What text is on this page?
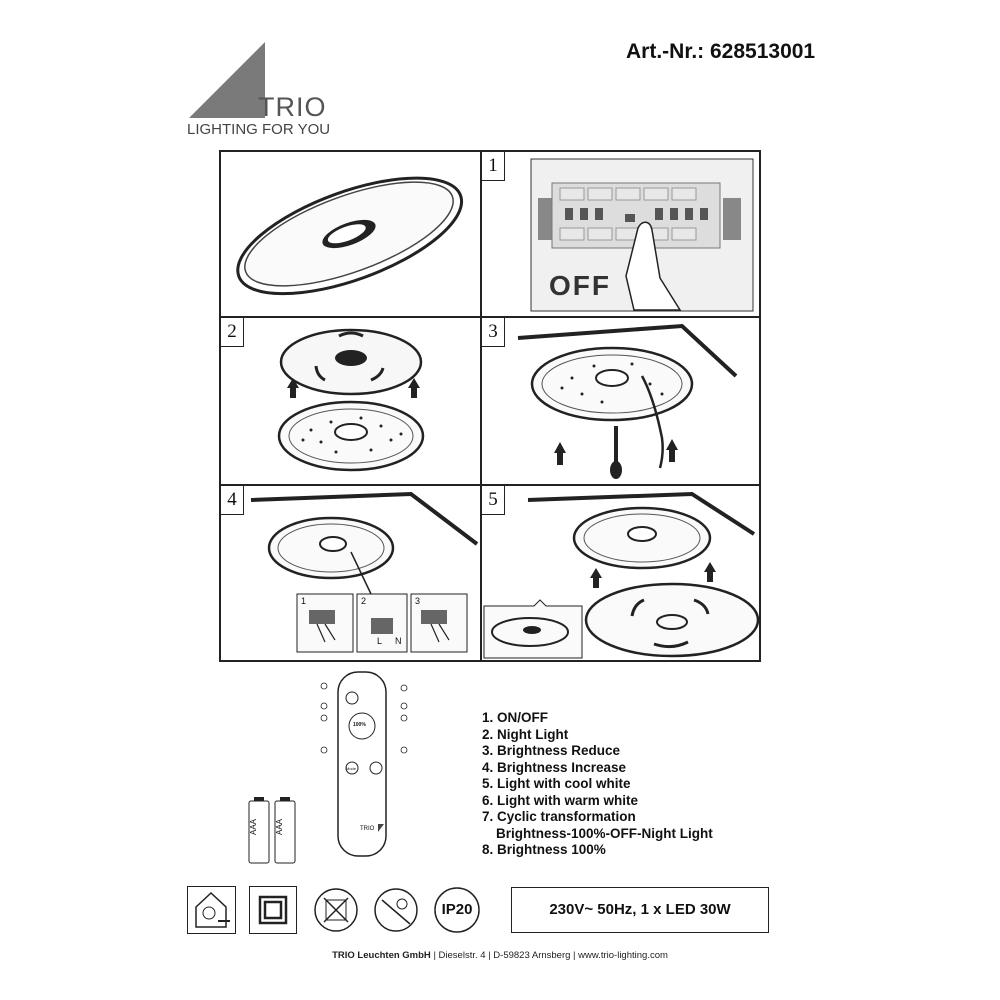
TRIO
LIGHTING FOR YOU
Art.-Nr.: 628513001
1
OFF
2	3
4
1	2	3
L N
5
100%
Mode
TRIO
AAA AAA
1. ON/OFF
2. Night Light
3. Brightness Reduce
4. Brightness Increase
5. Light with cool white
6. Light with warm white
7. Cyclic transformation
Brightness-100%-OFF-Night Light
8. Brightness 100%
IP20	230V~ 50Hz, 1 x LED 30W
TRIO Leuchten GmbH | Dieselstr. 4 | D-59823 Arnsberg | www.trio-lighting.com
